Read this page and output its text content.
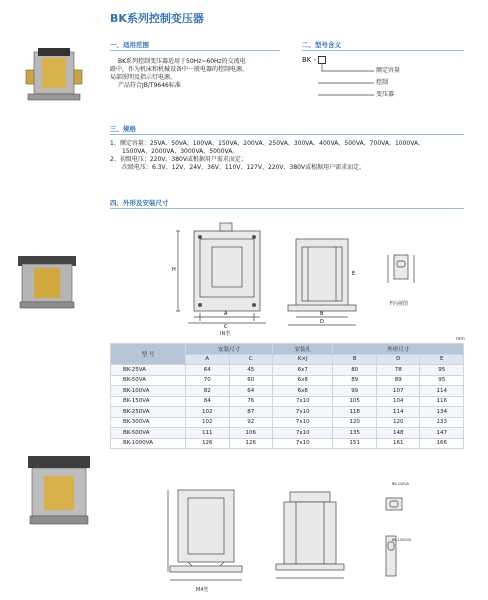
BK系列控制变压器
一、适用范围	二、型号含义
BK系列控制变压器适用于50Hz~60Hz的交流电
路中，作为机床和机械设备中一般电器的控制电源，
局部照明及指示灯电源。
产品符合JB/T9646标准
BK -
额定容量
控制
变压器
三、规格
1、额定容量：25VA、50VA、100VA、150VA、200VA、250VA、300VA、400VA、500VA、700VA、1000VA、
1500VA、2000VA、3000VA、5000VA。
2、初级电压：220V、380V或根据用户需求而定；
次级电压：6.3V、12V、24V、36V、110V、127V、220V、380V或根据用户需求而定。
四、外形及安装尺寸
H
A
C
IN型
B
D
E
F向视图
mm
型 号	安装尺寸		安装孔	外形尺寸		
	A	C	K×J	B	D	E
BK-25VA	64	45	6x7	80	78	95
BK-50VA	70	60	6x8	89	89	95
BK-100VA	82	64	6x8	99	107	114
BK-150VA	84	76	7x10	105	104	116
BK-250VA	102	87	7x10	118	114	134
BK-300VA	102	92	7x10	120	120	133
BK-500VA	111	106	7x10	135	148	147
BK-1000VA	126	126	7x10	151	161	166
M4型
BK-250VA
BK-1000VA
